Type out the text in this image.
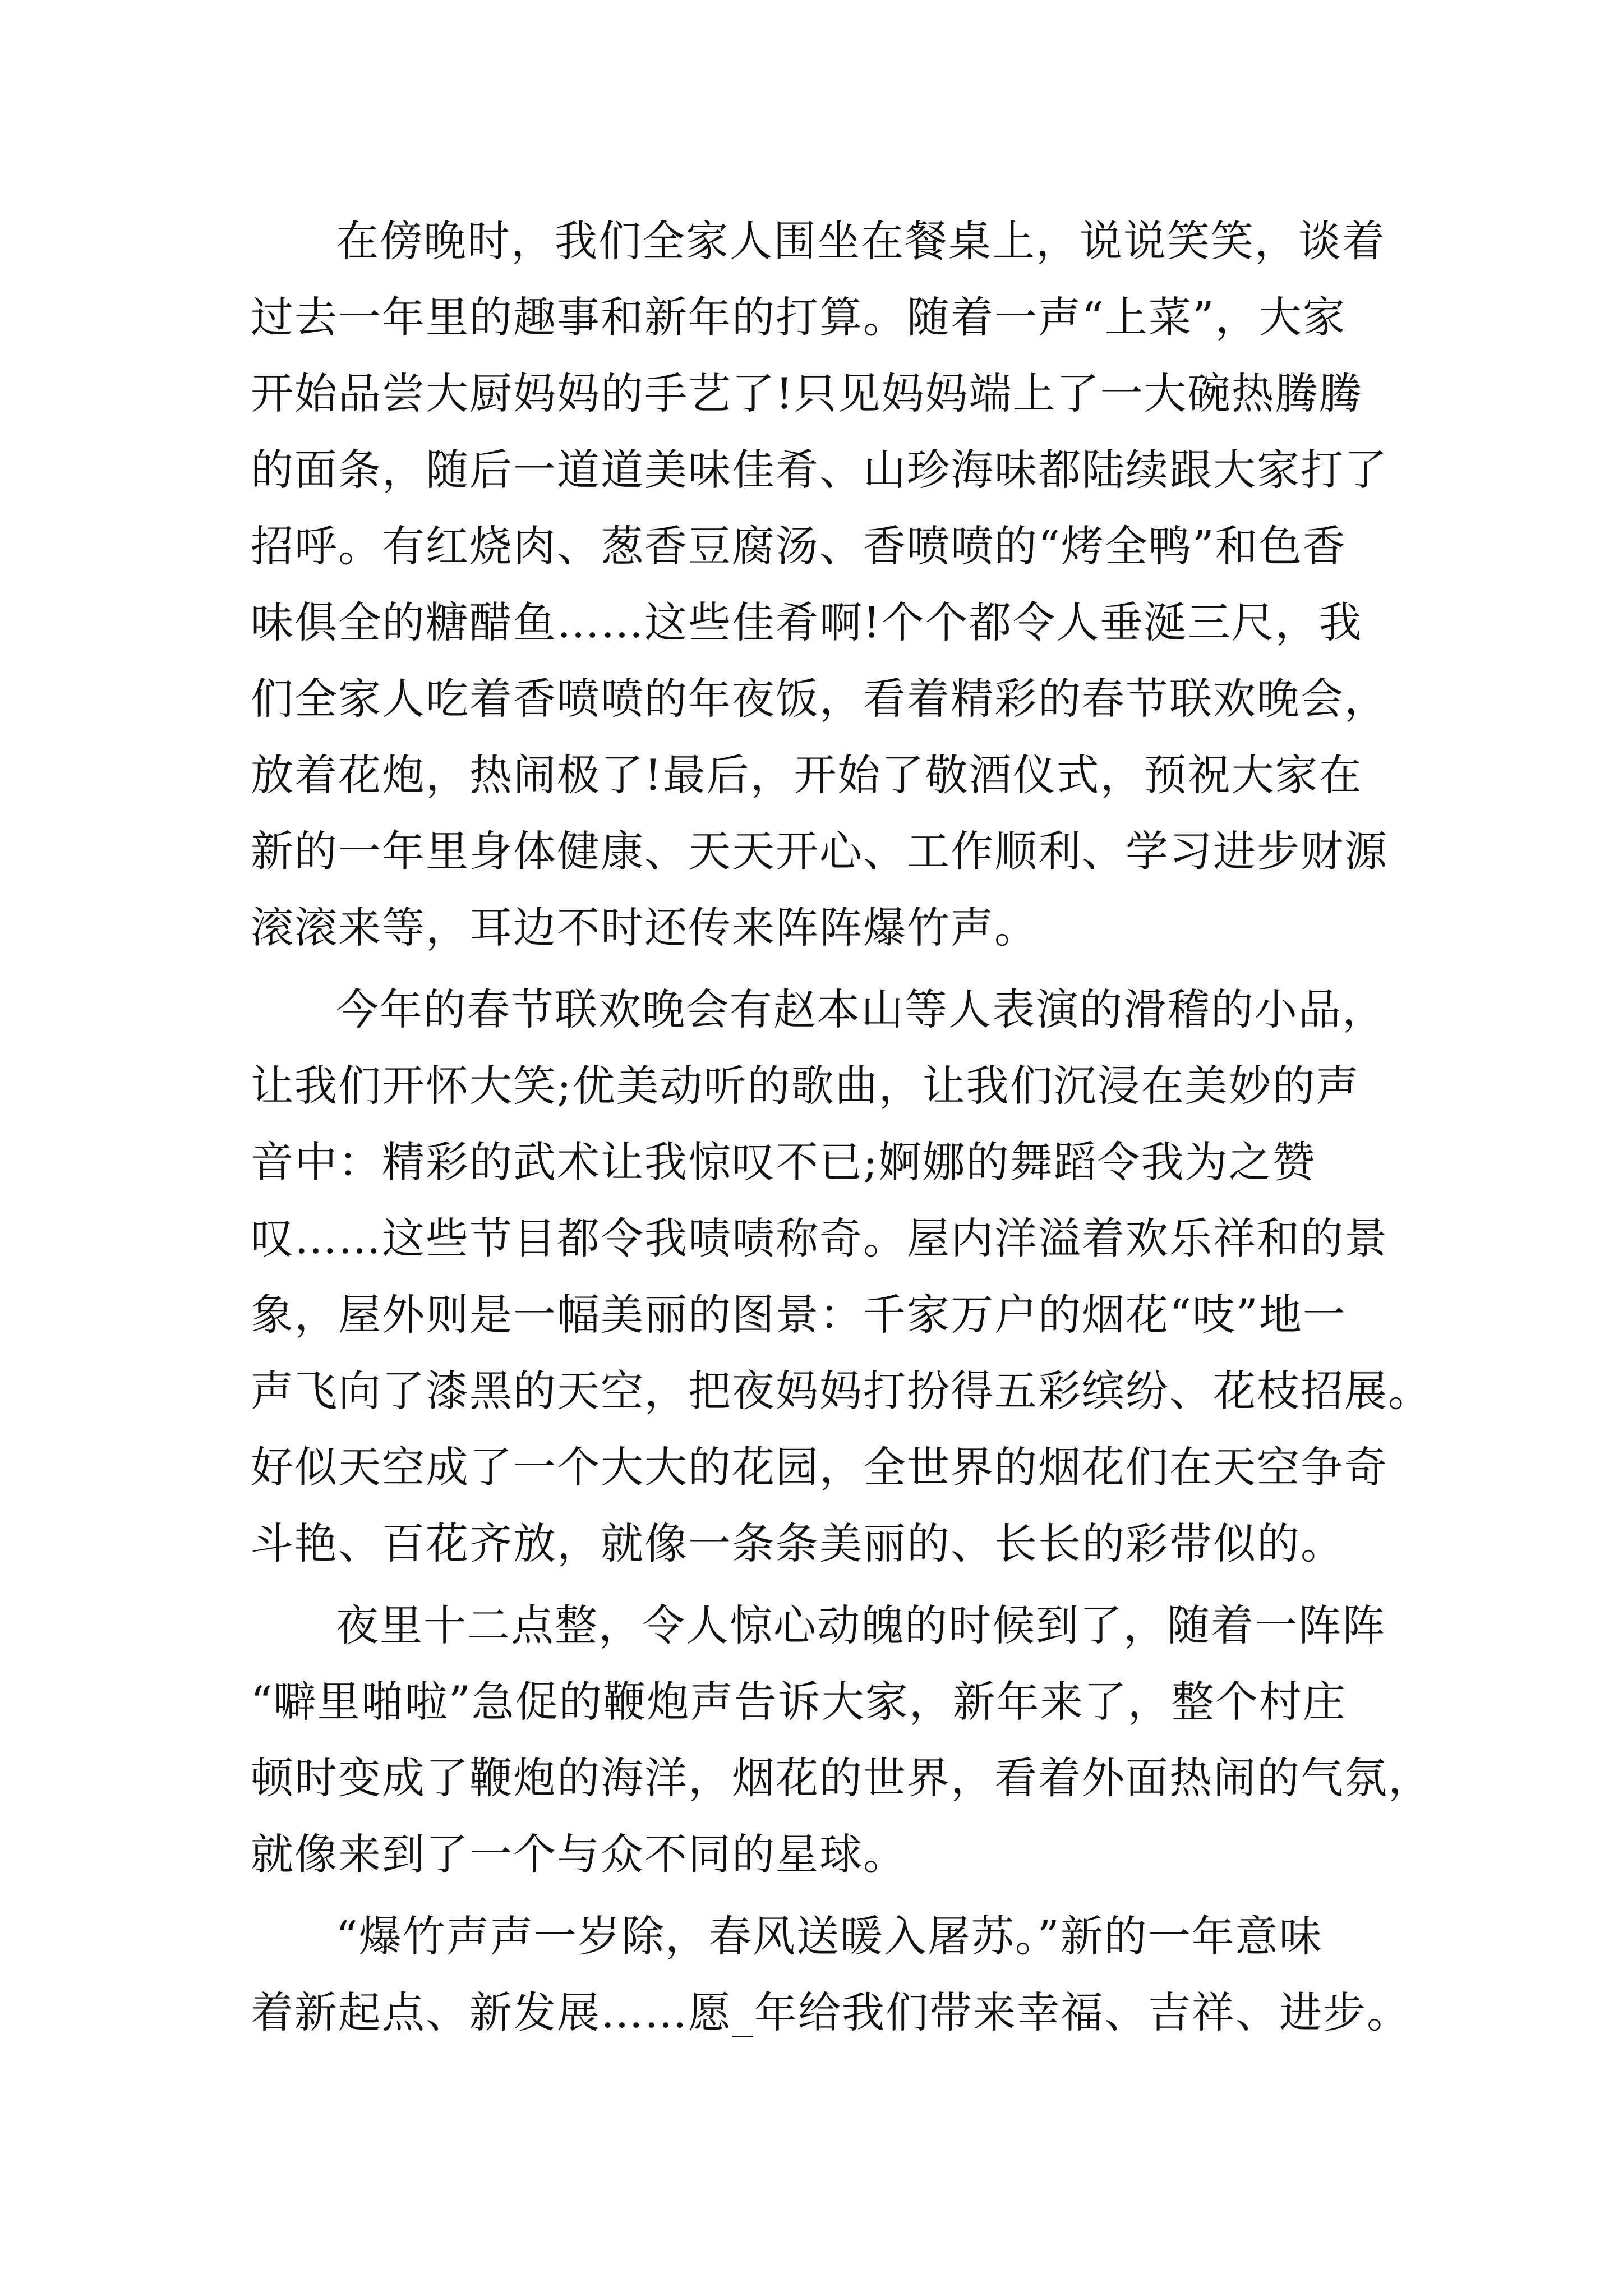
在傍晚时，我们全家人围坐在餐桌上，说说笑笑，谈着
过去一年里的趣事和新年的打算。随着一声“上菜”，大家
开始品尝大厨妈妈的手艺了!只见妈妈端上了一大碗热腾腾
的面条，随后一道道美味佳肴、山珍海味都陆续跟大家打了
招呼。有红烧肉、葱香豆腐汤、香喷喷的“烤全鸭”和色香
味俱全的糖醋鱼……这些佳肴啊!个个都令人垂涎三尺，我
们全家人吃着香喷喷的年夜饭，看着精彩的春节联欢晚会，
放着花炮，热闹极了!最后，开始了敬酒仪式，预祝大家在
新的一年里身体健康、天天开心、工作顺利、学习进步财源
滚滚来等，耳边不时还传来阵阵爆竹声。
今年的春节联欢晚会有赵本山等人表演的滑稽的小品，
让我们开怀大笑;优美动听的歌曲，让我们沉浸在美妙的声
音中：精彩的武术让我惊叹不已;婀娜的舞蹈令我为之赞
叹……这些节目都令我啧啧称奇。屋内洋溢着欢乐祥和的景
象，屋外则是一幅美丽的图景：千家万户的烟花“吱”地一
声飞向了漆黑的天空，把夜妈妈打扮得五彩缤纷、花枝招展。
好似天空成了一个大大的花园，全世界的烟花们在天空争奇
斗艳、百花齐放，就像一条条美丽的、长长的彩带似的。
夜里十二点整，令人惊心动魄的时候到了，随着一阵阵
“噼里啪啦”急促的鞭炮声告诉大家，新年来了，整个村庄
顿时变成了鞭炮的海洋，烟花的世界，看着外面热闹的气氛，
就像来到了一个与众不同的星球。
“爆竹声声一岁除，春风送暖入屠苏。”新的一年意味
着新起点、新发展……愿_年给我们带来幸福、吉祥、进步。
